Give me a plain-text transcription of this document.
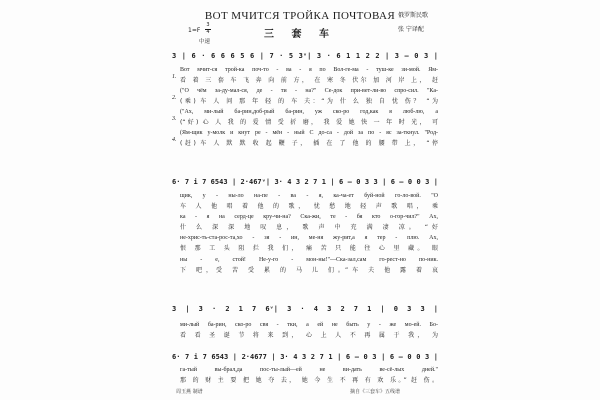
ВОТ МЧИТСЯ ТРОЙКА ПОЧТОВАЯ
三 套 车
俄罗斯民歌
张 宁译配
1=F
3
4
中速
3 | 6 · 6 6 6 5 6 | 7 · 5 3ᵛ| 3 · 6 1 1 2 2 | 3 — 0 3 |
1.
Вот мчит-ся трой-ка поч-то - ва - я по Вол-ге-ма - туш-ке зи-мой. Ям-
看 着 三 套 车 飞 奔 向 前 方， 在 寒 冬 伏尔 加 河 岸 上， 赶
2.
("О чём за-ду-мал-ся, де - ти - на?" Се-док при-вет-ли-во спро-сил. "Ка-
(乘) 车 人 问 那 年 轻 的 车 夫：“为 什 么 独 自 忧 伤？ “为
3.
("Ах, ми-лый ба-рин,доб-рый ба-рин, уж ско-ро год,как я люб-лю, а
(“好) 心 人 我 的 爱 情 受 折 磨， 我 爱 她 快 一 年 时 光， 可
4.
(Ям-щик у-молк и кнут ре - мён - ный С до-са - дой за по - яс за-ткнул. "Род-
(赶) 车 人 默 默 收 起 鞭 子， 插 在 了 他 的 腰 带 上， “停
6· 7 i 7 6543 | 2·467ᵛ| 3· 4 3 2 7 1 | 6 — 0 3 3 | 6 — 0 0 3 |
щик, у - ны-ло на-пе - ва - я, ка-ча-ет буй-ной го-ло-вой. "О
车 人 他 唱 着 他 的 歌， 忧 愁 地 轻 声 歌 唱， 乘
ка - я на серд-це кру-чи-на? Ска-жи, те - бя кто о-гор-чил?" Ах,
什 么 深 深 地 叹 息， 歌 声 中 充 满 凄 凉。 “好
не-хрис-ть-ста-рос-та,хо - зя - ин, ме-ня жу-рит,а я тер - плю. Ах,
恨 那 工 头 阻 拦 我 们， 痛 苦 只 能 往 心 里 藏。 眼
ны - е, стой! Не-у-го - мон-ны!"—Ска-зал,сам го-рест-но по-ник.
下 吧，受 苦 受 累 的 马 儿 们。”车 夫 他 露 着 哀
3 | 3 · 2 1 7 6ᵛ| 3 · 4 3 2 7 1 | 0 3 3 |
ми-лый ба-рин, ско-ро свя - тки, а ей не быть у - же мо-ей. Бо-
看 看 圣 诞 节 将 来 到， 心 上 人 不 再 属 于 我， 为
6· 7 i 7 6543 | 2·4677 | 3· 4 3 2 7 1 | 6 — 0 3 | 6 — 0 0 3 |
га-тый вы-брал,да пос-ты-лый—ей не ви-дать ве-сё-лых дней."
那 的 财 主 要 把 她 夺 去， 她 今 生 不 再 有 欢 乐。” 赶 伤。
周玉燕 制谱	摘自《三套车》五线谱
